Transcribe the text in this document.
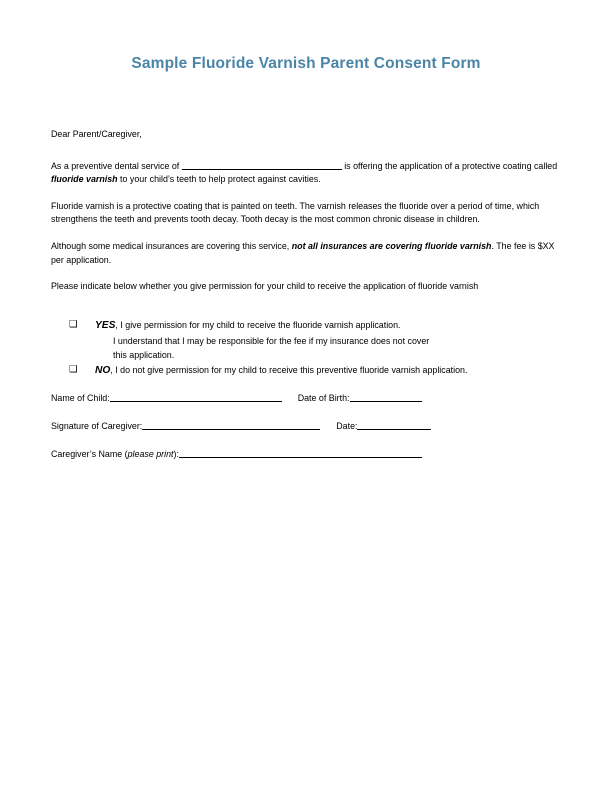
Sample Fluoride Varnish Parent Consent Form

Dear Parent/Caregiver,

As a preventive dental service of	is offering the application of a protective coating called fluoride varnish to your child’s teeth to help protect against cavities.

Fluoride varnish is a protective coating that is painted on teeth. The varnish releases the fluoride over a period of time, which strengthens the teeth and prevents tooth decay. Tooth decay is the most common chronic disease in children.

Although some medical insurances are covering this service, not all insurances are covering fluoride varnish. The fee is $XX per application.

Please indicate below whether you give permission for your child to receive the application of fluoride varnish

❑	YES, I give permission for my child to receive the fluoride varnish application.
I understand that I may be responsible for the fee if my insurance does not cover
this application.
❑	NO, I do not give permission for my child to receive this preventive fluoride varnish application.
Name of Child:	Date of Birth:
Signature of Caregiver:	Date:
Caregiver’s Name (please print):
